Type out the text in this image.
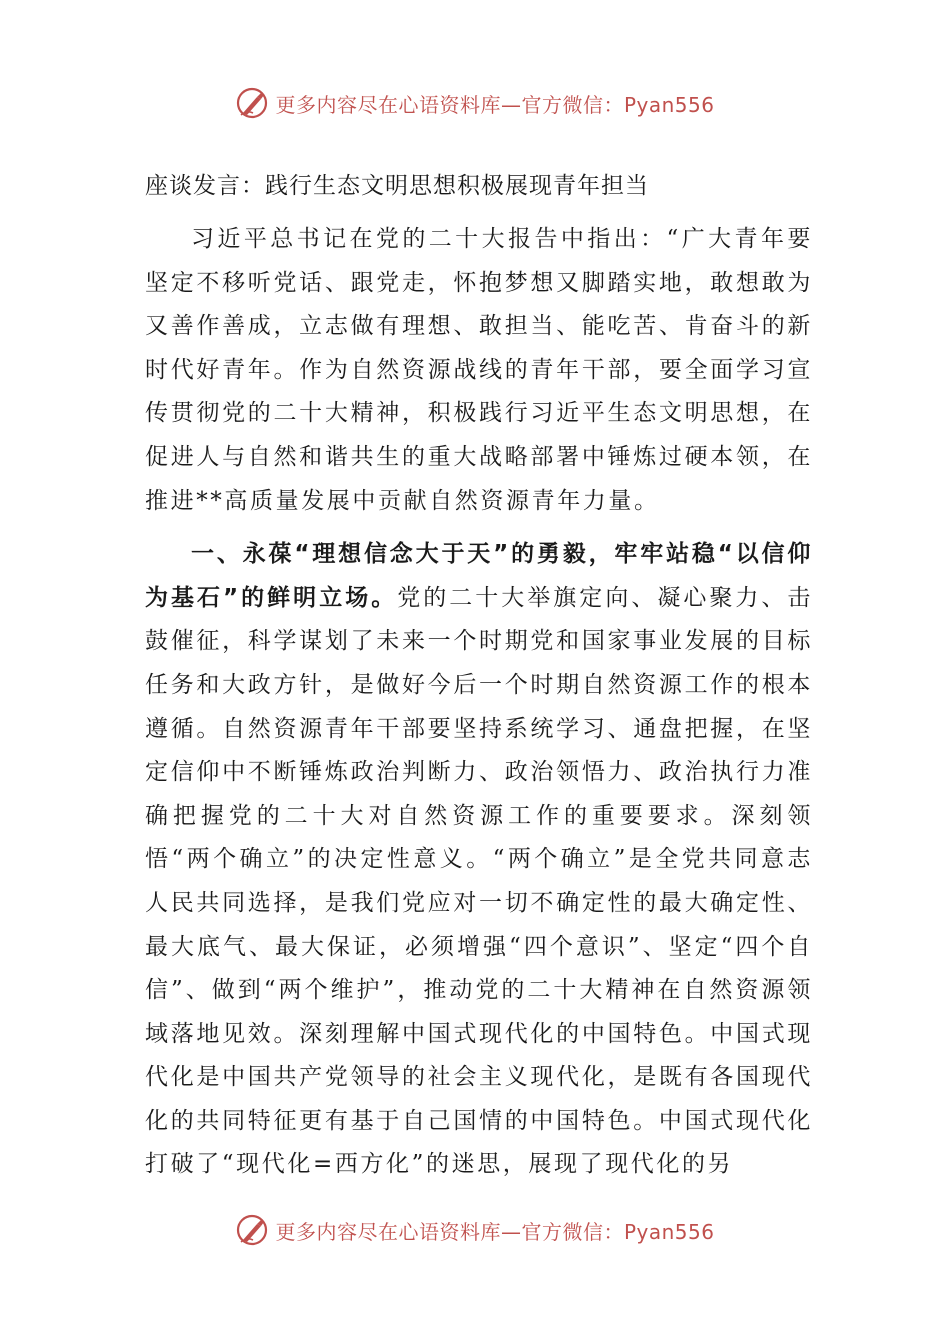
更多内容尽在心语资料库—官方微信：Pyan556
座谈发言：践行生态文明思想积极展现青年担当

习近平总书记在党的二十大报告中指出：“广大青年要坚定不移听党话、跟党走，怀抱梦想又脚踏实地，敢想敢为又善作善成，立志做有理想、敢担当、能吃苦、肯奋斗的新时代好青年。作为自然资源战线的青年干部，要全面学习宣传贯彻党的二十大精神，积极践行习近平生态文明思想，在促进人与自然和谐共生的重大战略部署中锤炼过硬本领，在推进**高质量发展中贡献自然资源青年力量。

一、永葆“理想信念大于天”的勇毅，牢牢站稳“以信仰为基石”的鲜明立场。党的二十大举旗定向、凝心聚力、击鼓催征，科学谋划了未来一个时期党和国家事业发展的目标任务和大政方针，是做好今后一个时期自然资源工作的根本遵循。自然资源青年干部要坚持系统学习、通盘把握，在坚定信仰中不断锤炼政治判断力、政治领悟力、政治执行力准确把握党的二十大对自然资源工作的重要要求。深刻领悟“两个确立”的决定性意义。“两个确立”是全党共同意志人民共同选择，是我们党应对一切不确定性的最大确定性、最大底气、最大保证，必须增强“四个意识”、坚定“四个自信”、做到“两个维护”，推动党的二十大精神在自然资源领域落地见效。深刻理解中国式现代化的中国特色。中国式现代化是中国共产党领导的社会主义现代化，是既有各国现代化的共同特征更有基于自己国情的中国特色。中国式现代化打破了“现代化=西方化”的迷思，展现了现代化的另

更多内容尽在心语资料库—官方微信：Pyan556
